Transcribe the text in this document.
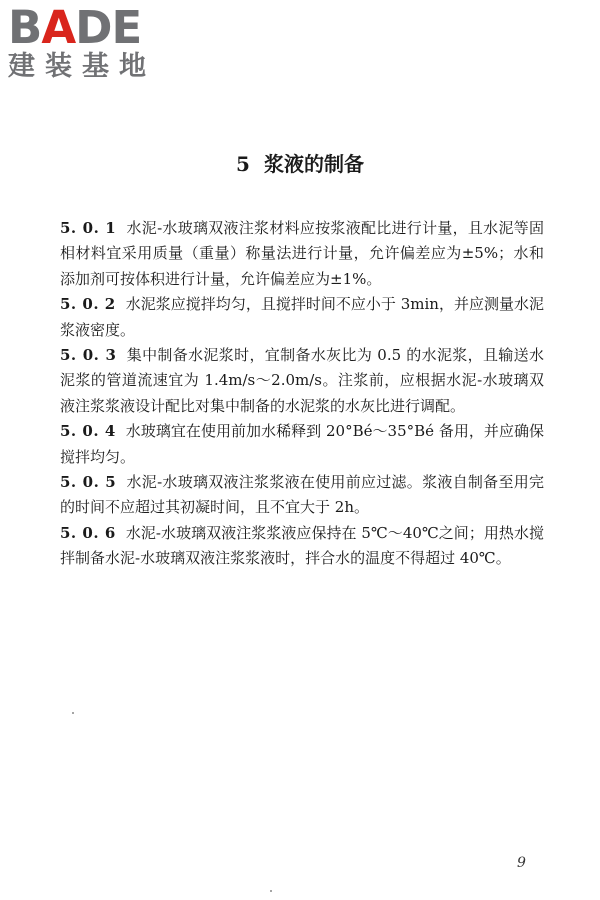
BADE
建装基地
5 浆液的制备

5. 0. 1 水泥-水玻璃双液注浆材料应按浆液配比进行计量，且水泥等固相材料宜采用质量（重量）称量法进行计量，允许偏差应为±5%；水和添加剂可按体积进行计量，允许偏差应为±1%。

5. 0. 2 水泥浆应搅拌均匀，且搅拌时间不应小于 3min，并应测量水泥浆液密度。

5. 0. 3 集中制备水泥浆时，宜制备水灰比为 0.5 的水泥浆，且输送水泥浆的管道流速宜为 1.4m/s～2.0m/s。注浆前，应根据水泥-水玻璃双液注浆浆液设计配比对集中制备的水泥浆的水灰比进行调配。

5. 0. 4 水玻璃宜在使用前加水稀释到 20°Bé～35°Bé 备用，并应确保搅拌均匀。

5. 0. 5 水泥-水玻璃双液注浆浆液在使用前应过滤。浆液自制备至用完的时间不应超过其初凝时间，且不宜大于 2h。

5. 0. 6 水泥-水玻璃双液注浆浆液应保持在 5℃～40℃之间；用热水搅拌制备水泥-水玻璃双液注浆浆液时，拌合水的温度不得超过 40℃。

9
